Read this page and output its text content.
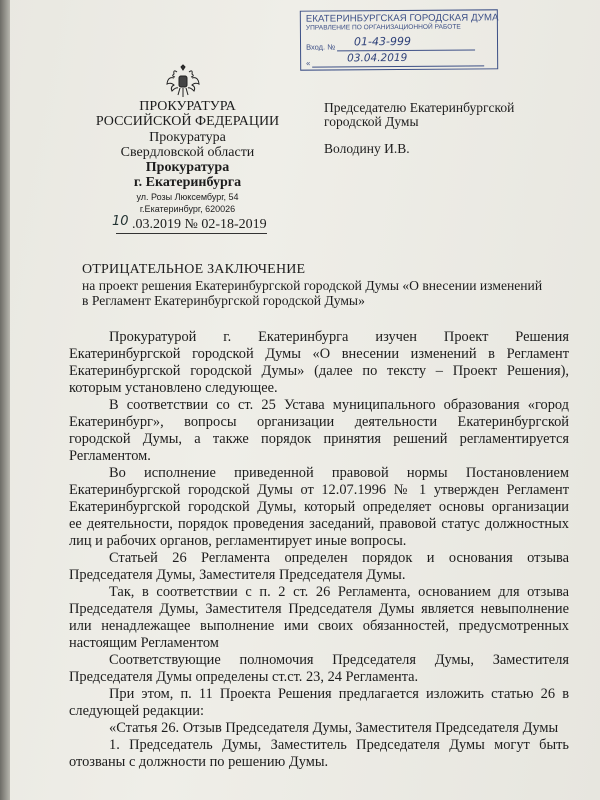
ЕКАТЕРИНБУРГСКАЯ ГОРОДСКАЯ ДУМА
УПРАВЛЕНИЕ ПО ОРГАНИЗАЦИОННОЙ РАБОТЕ
Вход. №
«
01-43-999
03.04.2019
ПРОКУРАТУРА
РОССИЙСКОЙ ФЕДЕРАЦИИ
Прокуратура
Свердловской области
Прокуратура
г. Екатеринбурга
ул. Розы Люксембург, 54
г.Екатеринбург, 620026
10 .03.2019 № 02-18-2019
Председателю Екатеринбургской
городской Думы
Володину И.В.
ОТРИЦАТЕЛЬНОЕ ЗАКЛЮЧЕНИЕ
на проект решения Екатеринбургской городской Думы «О внесении изменений
в Регламент Екатеринбургской городской Думы»
Прокуратурой г. Екатеринбурга изучен Проект Решения
Екатеринбургской городской Думы «О внесении изменений в Регламент
Екатеринбургской городской Думы» (далее по тексту – Проект Решения),
которым установлено следующее.
В соответствии со ст. 25 Устава муниципального образования «город
Екатеринбург», вопросы организации деятельности Екатеринбургской
городской Думы, а также порядок принятия решений регламентируется
Регламентом.
Во исполнение приведенной правовой нормы Постановлением
Екатеринбургской городской Думы от 12.07.1996 № 1 утвержден Регламент
Екатеринбургской городской Думы, который определяет основы организации
ее деятельности, порядок проведения заседаний, правовой статус должностных
лиц и рабочих органов, регламентирует иные вопросы.
Статьей 26 Регламента определен порядок и основания отзыва
Председателя Думы, Заместителя Председателя Думы.
Так, в соответствии с п. 2 ст. 26 Регламента, основанием для отзыва
Председателя Думы, Заместителя Председателя Думы является невыполнение
или ненадлежащее выполнение ими своих обязанностей, предусмотренных
настоящим Регламентом
Соответствующие полномочия Председателя Думы, Заместителя
Председателя Думы определены ст.ст. 23, 24 Регламента.
При этом, п. 11 Проекта Решения предлагается изложить статью 26 в
следующей редакции:
«Статья 26. Отзыв Председателя Думы, Заместителя Председателя Думы
1. Председатель Думы, Заместитель Председателя Думы могут быть
отозваны с должности по решению Думы.
